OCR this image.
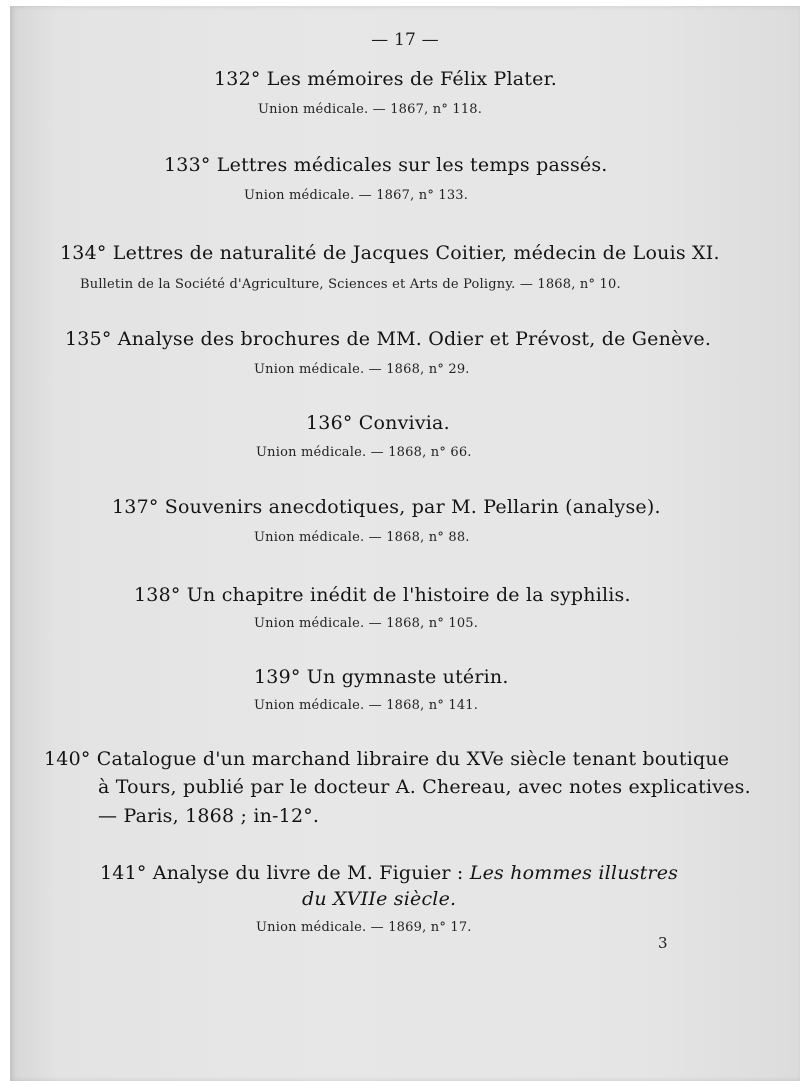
— 17 —
132° Les mémoires de Félix Plater.
Union médicale. — 1867, n° 118.
133° Lettres médicales sur les temps passés.
Union médicale. — 1867, n° 133.
134° Lettres de naturalité de Jacques Coitier, médecin de Louis XI.
Bulletin de la Société d'Agriculture, Sciences et Arts de Poligny. — 1868, n° 10.
135° Analyse des brochures de MM. Odier et Prévost, de Genève.
Union médicale. — 1868, n° 29.
136° Convivia.
Union médicale. — 1868, n° 66.
137° Souvenirs anecdotiques, par M. Pellarin (analyse).
Union médicale. — 1868, n° 88.
138° Un chapitre inédit de l'histoire de la syphilis.
Union médicale. — 1868, n° 105.
139° Un gymnaste utérin.
Union médicale. — 1868, n° 141.
140° Catalogue d'un marchand libraire du XVe siècle tenant boutique
à Tours, publié par le docteur A. Chereau, avec notes explicatives.
— Paris, 1868 ; in-12°.
141° Analyse du livre de M. Figuier : Les hommes illustres
du XVIIe siècle.
Union médicale. — 1869, n° 17.
3
